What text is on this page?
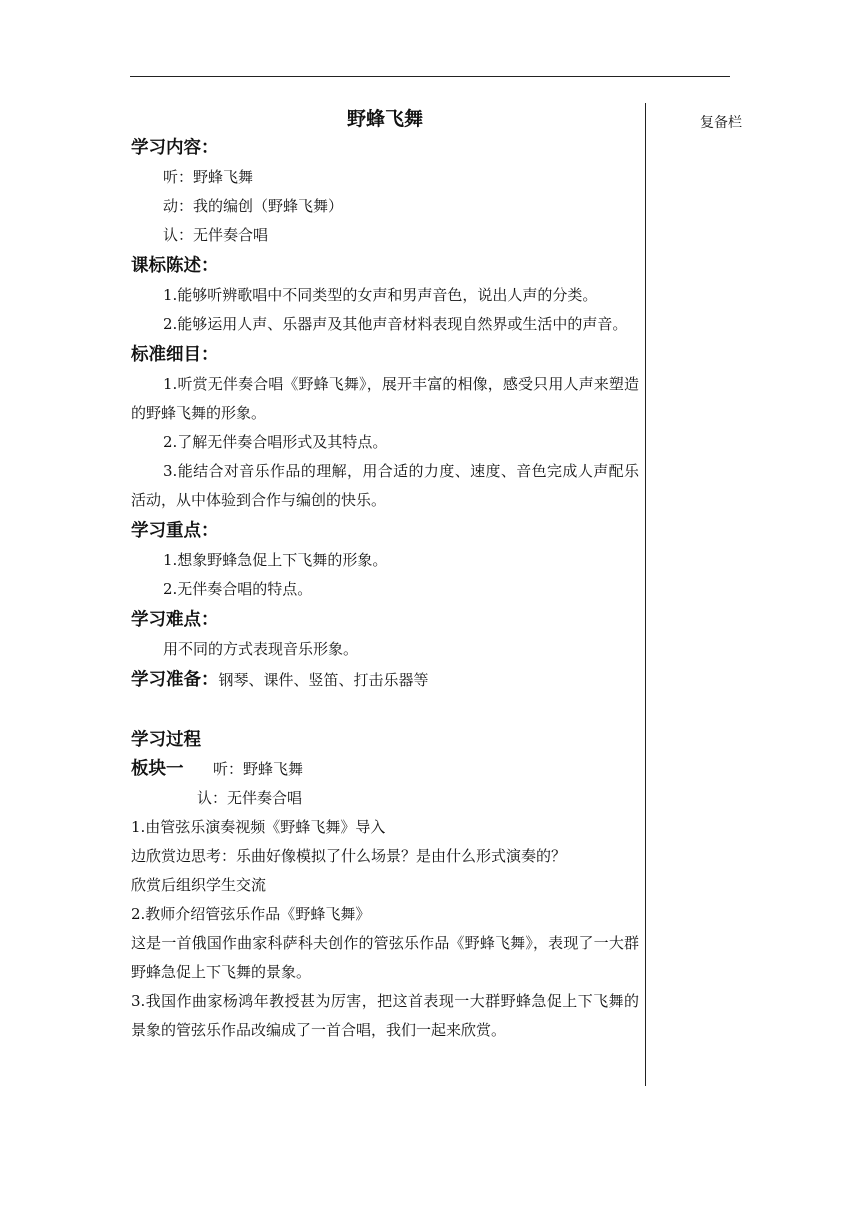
复备栏
野蜂飞舞
学习内容：
听：野蜂飞舞
动：我的编创（野蜂飞舞）
认：无伴奏合唱
课标陈述：
1.能够听辨歌唱中不同类型的女声和男声音色，说出人声的分类。
2.能够运用人声、乐器声及其他声音材料表现自然界或生活中的声音。
标准细目：
1.听赏无伴奏合唱《野蜂飞舞》，展开丰富的相像，感受只用人声来塑造的野蜂飞舞的形象。
2.了解无伴奏合唱形式及其特点。
3.能结合对音乐作品的理解，用合适的力度、速度、音色完成人声配乐活动，从中体验到合作与编创的快乐。
学习重点：
1.想象野蜂急促上下飞舞的形象。
2.无伴奏合唱的特点。
学习难点：
用不同的方式表现音乐形象。
学习准备：钢琴、课件、竖笛、打击乐器等
学习过程
板块一	听：野蜂飞舞
认：无伴奏合唱
1.由管弦乐演奏视频《野蜂飞舞》导入
边欣赏边思考：乐曲好像模拟了什么场景？是由什么形式演奏的？
欣赏后组织学生交流
2.教师介绍管弦乐作品《野蜂飞舞》
这是一首俄国作曲家科萨科夫创作的管弦乐作品《野蜂飞舞》，表现了一大群野蜂急促上下飞舞的景象。
3.我国作曲家杨鸿年教授甚为厉害，把这首表现一大群野蜂急促上下飞舞的景象的管弦乐作品改编成了一首合唱，我们一起来欣赏。
